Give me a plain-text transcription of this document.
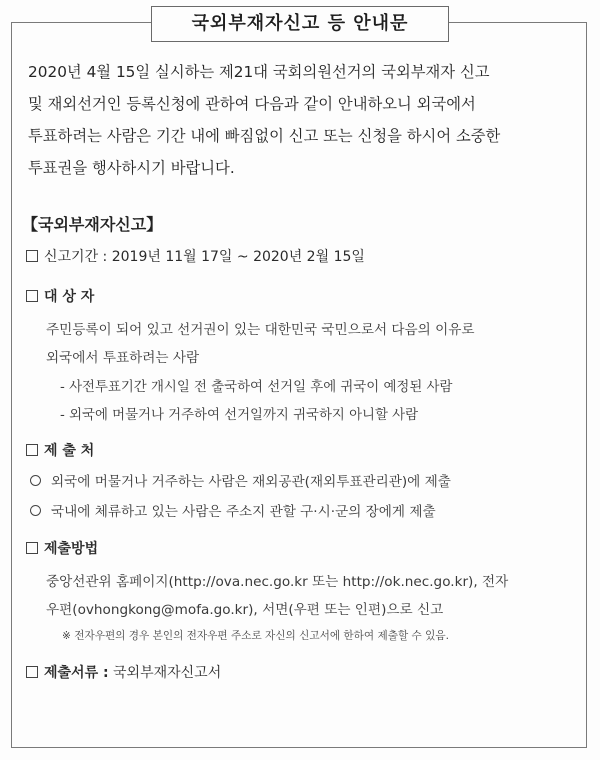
국외부재자신고 등 안내문
2020년 4월 15일 실시하는 제21대 국회의원선거의 국외부재자 신고
및 재외선거인 등록신청에 관하여 다음과 같이 안내하오니 외국에서
투표하려는 사람은 기간 내에 빠짐없이 신고 또는 신청을 하시어 소중한
투표권을 행사하시기 바랍니다.
【국외부재자신고】
신고기간 : 2019년 11월 17일 ~ 2020년 2월 15일
대 상 자
주민등록이 되어 있고 선거권이 있는 대한민국 국민으로서 다음의 이유로
외국에서 투표하려는 사람
- 사전투표기간 개시일 전 출국하여 선거일 후에 귀국이 예정된 사람
- 외국에 머물거나 거주하여 선거일까지 귀국하지 아니할 사람
제 출 처
외국에 머물거나 거주하는 사람은 재외공관(재외투표관리관)에 제출
국내에 체류하고 있는 사람은 주소지 관할 구·시·군의 장에게 제출
제출방법
중앙선관위 홈페이지(http://ova.nec.go.kr 또는 http://ok.nec.go.kr), 전자
우편(ovhongkong@mofa.go.kr), 서면(우편 또는 인편)으로 신고
※ 전자우편의 경우 본인의 전자우편 주소로 자신의 신고서에 한하여 제출할 수 있음.
제출서류 : 국외부재자신고서
